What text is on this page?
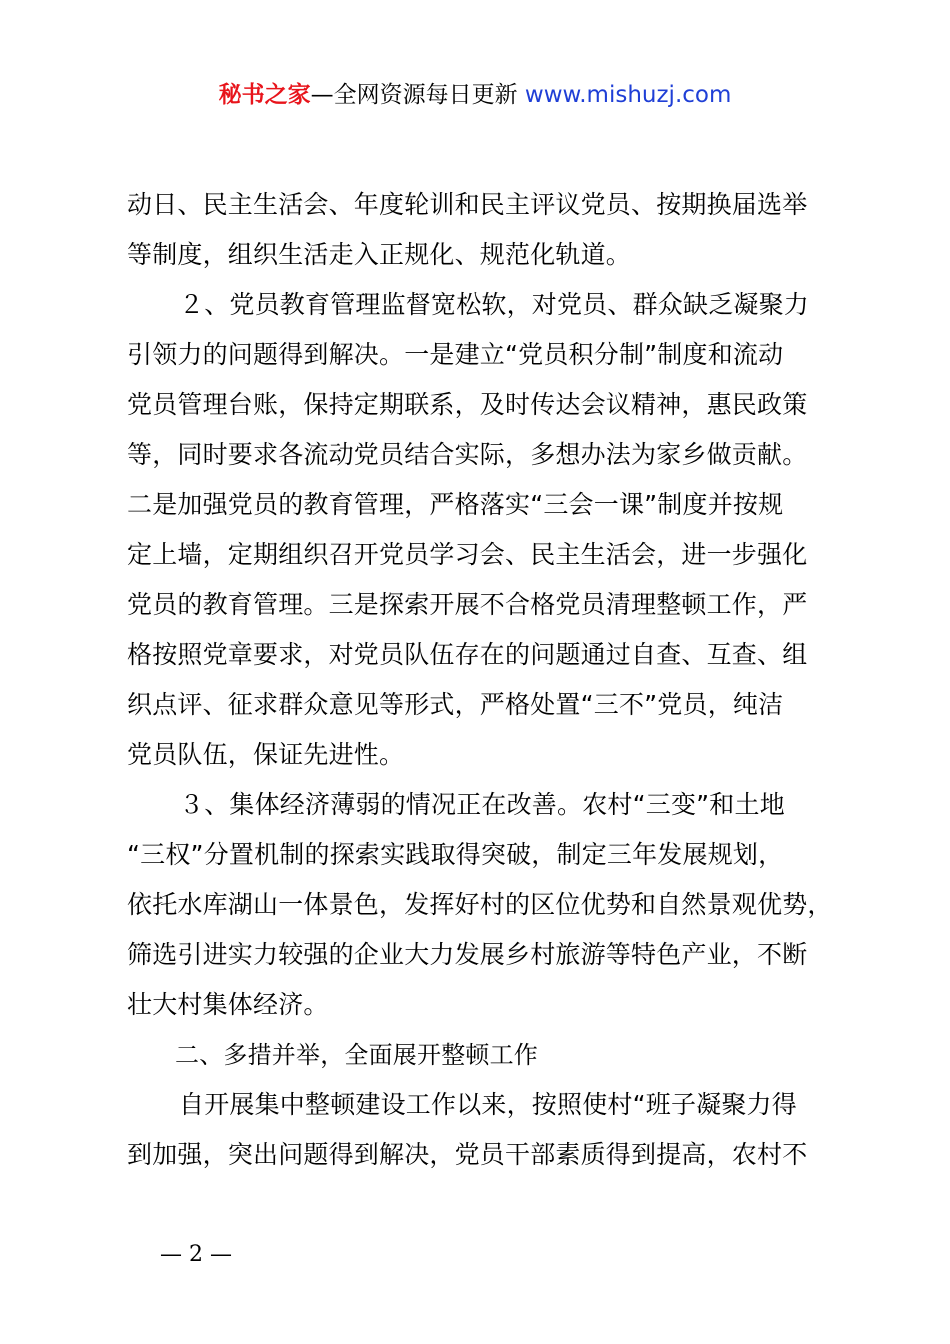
秘书之家—全网资源每日更新 www.mishuzj.com
动日、民主生活会、年度轮训和民主评议党员、按期换届选举
等制度，组织生活走入正规化、规范化轨道。
２、党员教育管理监督宽松软，对党员、群众缺乏凝聚力
引领力的问题得到解决。一是建立“党员积分制”制度和流动
党员管理台账，保持定期联系，及时传达会议精神，惠民政策
等，同时要求各流动党员结合实际，多想办法为家乡做贡献。
二是加强党员的教育管理，严格落实“三会一课”制度并按规
定上墙，定期组织召开党员学习会、民主生活会，进一步强化
党员的教育管理。三是探索开展不合格党员清理整顿工作，严
格按照党章要求，对党员队伍存在的问题通过自查、互查、组
织点评、征求群众意见等形式，严格处置“三不”党员，纯洁
党员队伍，保证先进性。
３、集体经济薄弱的情况正在改善。农村“三变”和土地
“三权”分置机制的探索实践取得突破，制定三年发展规划，
依托水库湖山一体景色，发挥好村的区位优势和自然景观优势，
筛选引进实力较强的企业大力发展乡村旅游等特色产业，不断
壮大村集体经济。
二、多措并举，全面展开整顿工作
自开展集中整顿建设工作以来，按照使村“班子凝聚力得
到加强，突出问题得到解决，党员干部素质得到提高，农村不
— 2 —
